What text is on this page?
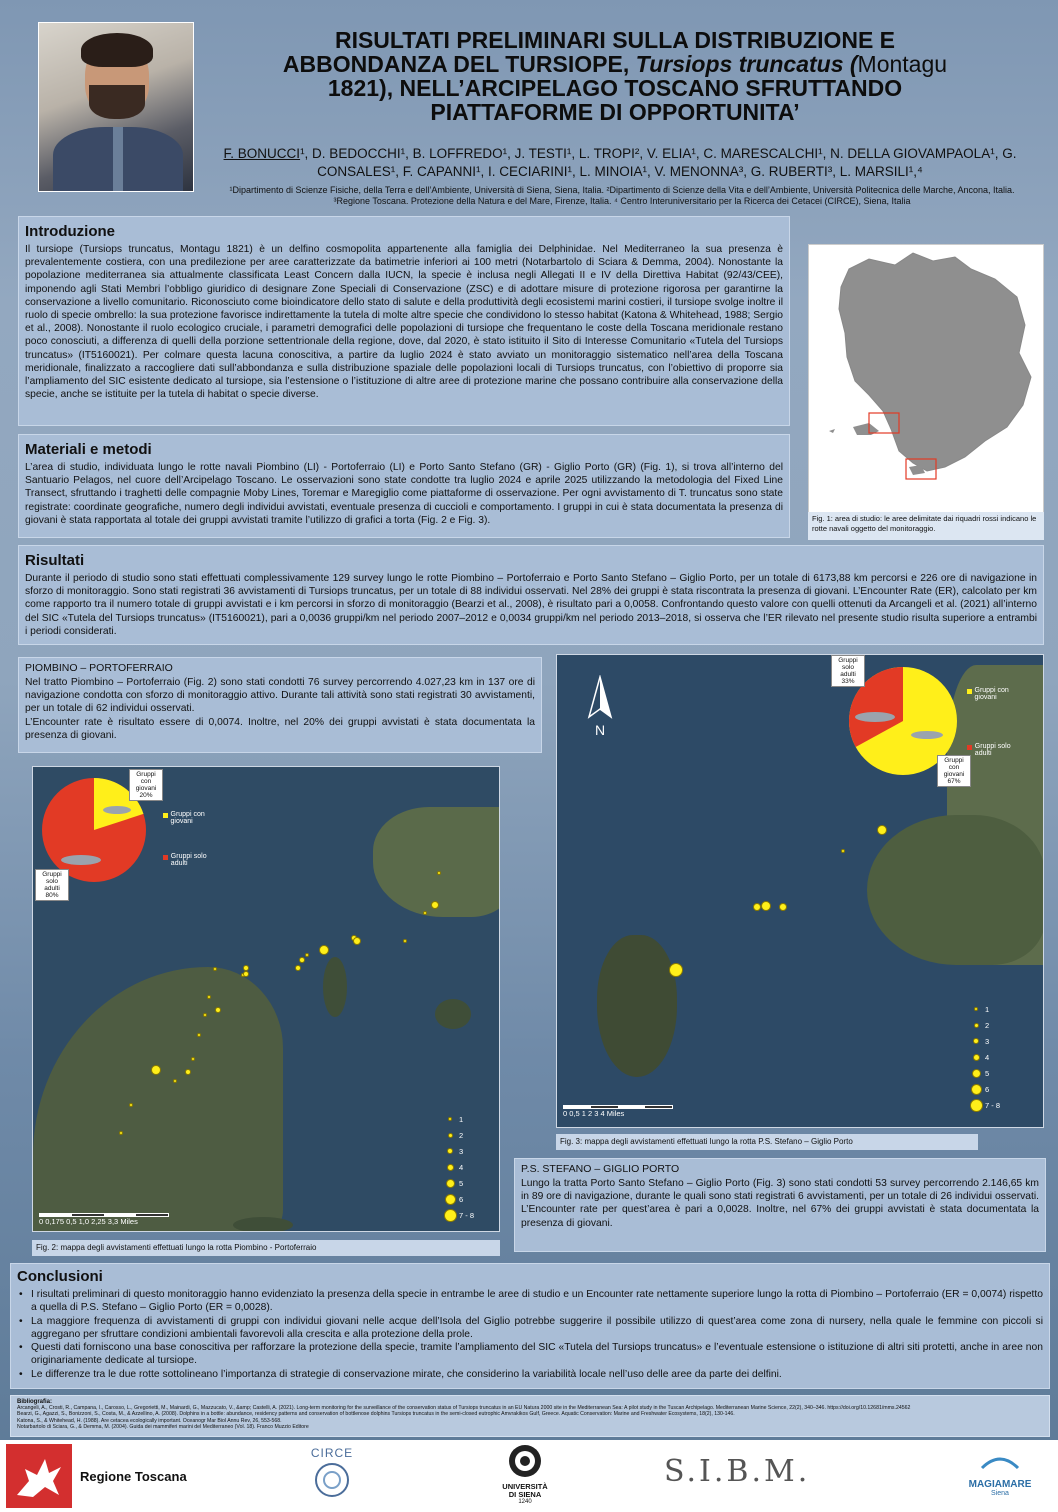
RISULTATI PRELIMINARI SULLA DISTRIBUZIONE E
ABBONDANZA DEL TURSIOPE, Tursiops truncatus (Montagu
1821), NELL’ARCIPELAGO TOSCANO SFRUTTANDO
PIATTAFORME DI OPPORTUNITA’
F. BONUCCI¹, D. BEDOCCHI¹, B. LOFFREDO¹, J. TESTI¹, L. TROPI², V. ELIA¹, C. MARESCALCHI¹, N. DELLA GIOVAMPAOLA¹, G. CONSALES¹, F. CAPANNI¹, I. CECIARINI¹, L. MINOIA¹, V. MENONNA³, G. RUBERTI³, L. MARSILI¹,⁴
¹Dipartimento di Scienze Fisiche, della Terra e dell’Ambiente, Università di Siena, Siena, Italia. ²Dipartimento di Scienze della Vita e dell’Ambiente, Università Politecnica delle Marche, Ancona, Italia. ³Regione Toscana. Protezione della Natura e del Mare, Firenze, Italia. ⁴ Centro Interuniversitario per la Ricerca dei Cetacei (CIRCE), Siena, Italia
Introduzione
Il tursiope (Tursiops truncatus, Montagu 1821) è un delfino cosmopolita appartenente alla famiglia dei Delphinidae. Nel Mediterraneo la sua presenza è prevalentemente costiera, con una predilezione per aree caratterizzate da batimetrie inferiori ai 100 metri (Notarbartolo di Sciara & Demma, 2004). Nonostante la popolazione mediterranea sia attualmente classificata Least Concern dalla IUCN, la specie è inclusa negli Allegati II e IV della Direttiva Habitat (92/43/CEE), imponendo agli Stati Membri l’obbligo giuridico di designare Zone Speciali di Conservazione (ZSC) e di adottare misure di protezione rigorosa per garantirne la conservazione a livello comunitario. Riconosciuto come bioindicatore dello stato di salute e della produttività degli ecosistemi marini costieri, il tursiope svolge inoltre il ruolo di specie ombrello: la sua protezione favorisce indirettamente la tutela di molte altre specie che condividono lo stesso habitat (Katona & Whitehead, 1988; Sergio et al., 2008). Nonostante il ruolo ecologico cruciale, i parametri demografici delle popolazioni di tursiope che frequentano le coste della Toscana meridionale restano poco conosciuti, a differenza di quelli della porzione settentrionale della regione, dove, dal 2020, è stato istituito il Sito di Interesse Comunitario «Tutela del Tursiops truncatus» (IT5160021). Per colmare questa lacuna conoscitiva, a partire da luglio 2024 è stato avviato un monitoraggio sistematico nell’area della Toscana meridionale, finalizzato a raccogliere dati sull’abbondanza e sulla distribuzione spaziale delle popolazioni locali di Tursiops truncatus, con l’obiettivo di proporre sia l’ampliamento del SIC esistente dedicato al tursiope, sia l’estensione o l’istituzione di altre aree di protezione marine che possano contribuire alla conservazione della specie, anche se istituite per la tutela di habitat o specie diverse.
Materiali e metodi
L’area di studio, individuata lungo le rotte navali Piombino (LI) - Portoferraio (LI) e Porto Santo Stefano (GR) - Giglio Porto (GR) (Fig. 1), si trova all’interno del Santuario Pelagos, nel cuore dell’Arcipelago Toscano. Le osservazioni sono state condotte tra luglio 2024 e aprile 2025 utilizzando la metodologia del Fixed Line Transect, sfruttando i traghetti delle compagnie Moby Lines, Toremar e Maregiglio come piattaforme di osservazione. Per ogni avvistamento di T. truncatus sono state registrate: coordinate geografiche, numero degli individui avvistati, eventuale presenza di cuccioli e comportamento. I gruppi in cui è stata documentata la presenza di giovani è stata rapportata al totale dei gruppi avvistati tramite l’utilizzo di grafici a torta (Fig. 2 e Fig. 3).	Fig. 1: area di studio: le aree delimitate dai riquadri rossi indicano le rotte navali oggetto del monitoraggio.
Risultati
Durante il periodo di studio sono stati effettuati complessivamente 129 survey lungo le rotte Piombino – Portoferraio e Porto Santo Stefano – Giglio Porto, per un totale di 6173,88 km percorsi e 226 ore di navigazione in sforzo di monitoraggio. Sono stati registrati 36 avvistamenti di Tursiops truncatus, per un totale di 88 individui osservati. Nel 28% dei gruppi è stata riscontrata la presenza di giovani. L’Encounter Rate (ER), calcolato per km come rapporto tra il numero totale di gruppi avvistati e i km percorsi in sforzo di monitoraggio (Bearzi et al., 2008), è risultato pari a 0,0058. Confrontando questo valore con quelli ottenuti da Arcangeli et al. (2021) all’interno del SIC «Tutela del Tursiops truncatus» (IT5160021), pari a 0,0036 gruppi/km nel periodo 2007–2012 e 0,0034 gruppi/km nel periodo 2013–2018, si osserva che l’ER rilevato nel presente studio risulta superiore a entrambi i periodi considerati.
PIOMBINO – PORTOFERRAIO
Nel tratto Piombino – Portoferraio (Fig. 2) sono stati condotti 76 survey percorrendo 4.027,23 km in 137 ore di navigazione condotta con sforzo di monitoraggio attivo. Durante tali attività sono stati registrati 30 avvistamenti, per un totale di 62 individui osservati.
L’Encounter rate è risultato essere di 0,0074. Inoltre, nel 20% dei gruppi avvistati è stata documentata la presenza di giovani.
Gruppi con giovani 20%
Gruppi solo adulti 80%
Gruppi con giovani
Gruppi solo adulti
1
2
3
4
5
6
7 - 8
0 0,175 0,5 1,0 2,25 3,3 Miles
Fig. 2: mappa degli avvistamenti effettuati lungo la rotta Piombino - Portoferraio
N
Gruppi solo adulti 33%
Gruppi con giovani 67%
Gruppi con giovani
Gruppi solo adulti
1
2
3
4
5
6
7 - 8
0 0,5 1 2 3 4 Miles
Fig. 3: mappa degli avvistamenti effettuati lungo la rotta P.S. Stefano – Giglio Porto
P.S. STEFANO – GIGLIO PORTO
Lungo la tratta Porto Santo Stefano – Giglio Porto (Fig. 3) sono stati condotti 53 survey percorrendo 2.146,65 km in 89 ore di navigazione, durante le quali sono stati registrati 6 avvistamenti, per un totale di 26 individui osservati.
L’Encounter rate per quest’area è pari a 0,0028. Inoltre, nel 67% dei gruppi avvistati è stata documentata la presenza di giovani.
Conclusioni
• I risultati preliminari di questo monitoraggio hanno evidenziato la presenza della specie in entrambe le aree di studio e un Encounter rate nettamente superiore lungo la rotta di Piombino – Portoferraio (ER = 0,0074) rispetto a quella di P.S. Stefano – Giglio Porto (ER = 0,0028).
• La maggiore frequenza di avvistamenti di gruppi con individui giovani nelle acque dell’Isola del Giglio potrebbe suggerire il possibile utilizzo di quest’area come zona di nursery, nella quale le femmine con piccoli si aggregano per sfruttare condizioni ambientali favorevoli alla crescita e alla protezione della prole.
• Questi dati forniscono una base conoscitiva per rafforzare la protezione della specie, tramite l’ampliamento del SIC «Tutela del Tursiops truncatus» e l’eventuale estensione o istituzione di altri siti protetti, anche in aree non originariamente dedicate al tursiope.
• Le differenze tra le due rotte sottolineano l’importanza di strategie di conservazione mirate, che considerino la variabilità locale nell’uso delle aree da parte dei delfini.
Bibliografia:
Arcangeli, A., Crosti, R., Campana, I., Carosso, L., Gregorietti, M., Mainardi, G., Mazzucato, V., &amp; Castelli, A. (2021). Long-term monitoring for the surveillance of the conservation status of Tursiops truncatus in an EU Natura 2000 site in the Mediterranean Sea: A pilot study in the Tuscan Archipelago. Mediterranean Marine Science, 22(2), 340–346. https://doi.org/10.12681/mms.24562
Bearzi, G., Agazzi, S., Bonizzoni, S., Costa, M., & Azzellino, A. (2008). Dolphins in a bottle: abundance, residency patterns and conservation of bottlenose dolphins Tursiops truncatus in the semi-closed eutrophic Amvrakikos Gulf, Greece. Aquatic Conservation: Marine and Freshwater Ecosystems, 18(2), 130-146.
Katona, S., & Whitehead, H. (1988). Are cetacea ecologically important. Oceanogr Mar Biol Annu Rev, 26, 553-568.
Notarbartolo di Sciara, G., & Demma, M. (2004). Guida dei mammiferi marini del Mediterraneo (Vol. 18). Franco Muzzio Editore
Regione Toscana
CIRCE
UNIVERSITÀ
DI SIENA
1240
S.I.B.M.	MAGIAMARE
Siena
